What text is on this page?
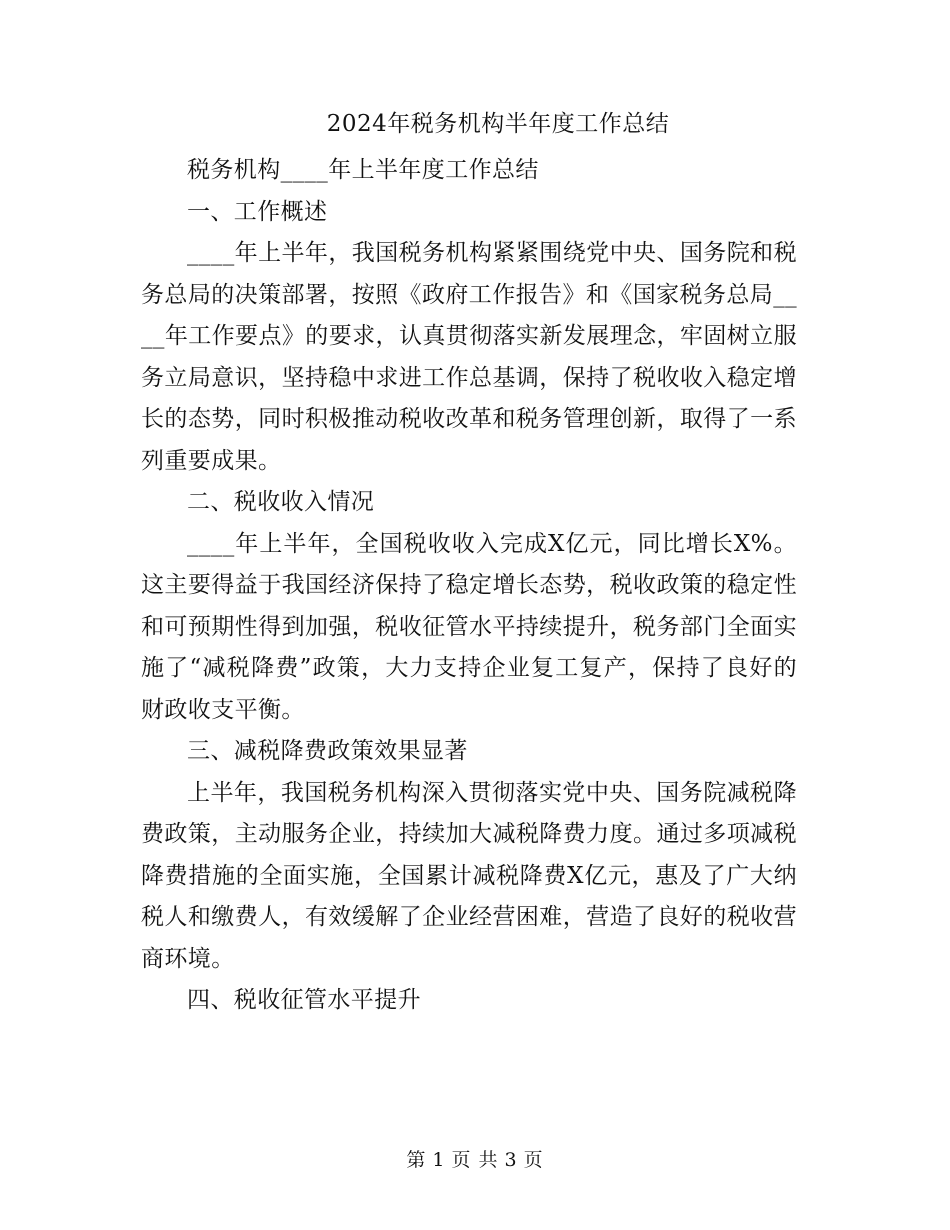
2024年税务机构半年度工作总结

税务机构____年上半年度工作总结

一、工作概述

____年上半年，我国税务机构紧紧围绕党中央、国务院和税务总局的决策部署，按照《政府工作报告》和《国家税务总局____年工作要点》的要求，认真贯彻落实新发展理念，牢固树立服务立局意识，坚持稳中求进工作总基调，保持了税收收入稳定增长的态势，同时积极推动税收改革和税务管理创新，取得了一系列重要成果。

二、税收收入情况

____年上半年，全国税收收入完成X亿元，同比增长X%。这主要得益于我国经济保持了稳定增长态势，税收政策的稳定性和可预期性得到加强，税收征管水平持续提升，税务部门全面实施了“减税降费”政策，大力支持企业复工复产，保持了良好的财政收支平衡。

三、减税降费政策效果显著

上半年，我国税务机构深入贯彻落实党中央、国务院减税降费政策，主动服务企业，持续加大减税降费力度。通过多项减税降费措施的全面实施，全国累计减税降费X亿元，惠及了广大纳税人和缴费人，有效缓解了企业经营困难，营造了良好的税收营商环境。

四、税收征管水平提升

第 1 页 共 3 页
